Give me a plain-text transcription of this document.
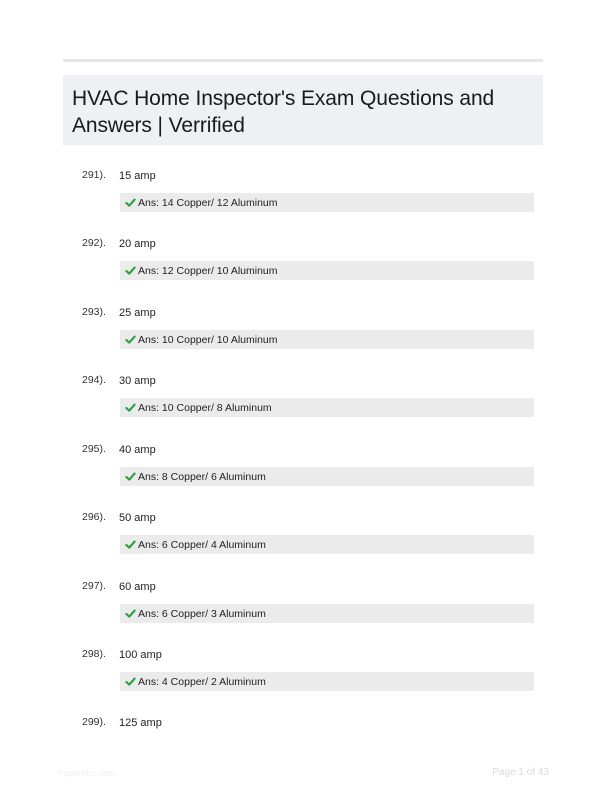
HVAC Home Inspector's Exam Questions and Answers | Verrified
291). 15 amp
Ans: 14 Copper/ 12 Aluminum
292). 20 amp
Ans: 12 Copper/ 10 Aluminum
293). 25 amp
Ans: 10 Copper/ 10 Aluminum
294). 30 amp
Ans: 10 Copper/ 8 Aluminum
295). 40 amp
Ans: 8 Copper/ 6 Aluminum
296). 50 amp
Ans: 6 Copper/ 4 Aluminum
297). 60 amp
Ans: 6 Copper/ 3 Aluminum
298). 100 amp
Ans: 4 Copper/ 2 Aluminum
299). 125 amp
Paperbbc.com	Page 1 of 43
